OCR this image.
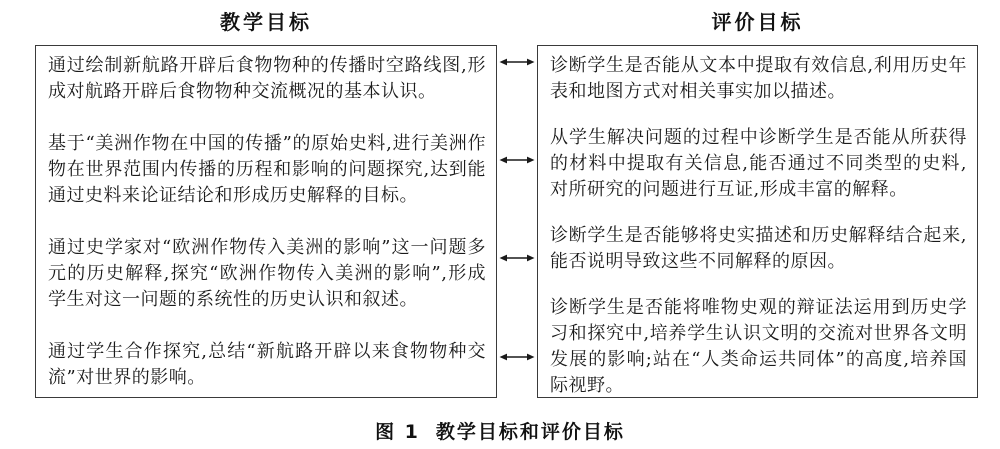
教学目标	评价目标

通过绘制新航路开辟后食物物种的传播时空路线图,形成对航路开辟后食物物种交流概况的基本认识。

基于“美洲作物在中国的传播”的原始史料,进行美洲作物在世界范围内传播的历程和影响的问题探究,达到能通过史料来论证结论和形成历史解释的目标。

通过史学家对“欧洲作物传入美洲的影响”这一问题多元的历史解释,探究“欧洲作物传入美洲的影响”,形成学生对这一问题的系统性的历史认识和叙述。

通过学生合作探究,总结“新航路开辟以来食物物种交流”对世界的影响。

诊断学生是否能从文本中提取有效信息,利用历史年表和地图方式对相关事实加以描述。

从学生解决问题的过程中诊断学生是否能从所获得的材料中提取有关信息,能否通过不同类型的史料,对所研究的问题进行互证,形成丰富的解释。

诊断学生是否能够将史实描述和历史解释结合起来,能否说明导致这些不同解释的原因。

诊断学生是否能将唯物史观的辩证法运用到历史学习和探究中,培养学生认识文明的交流对世界各文明发展的影响;站在“人类命运共同体”的高度,培养国际视野。

图 1 教学目标和评价目标
